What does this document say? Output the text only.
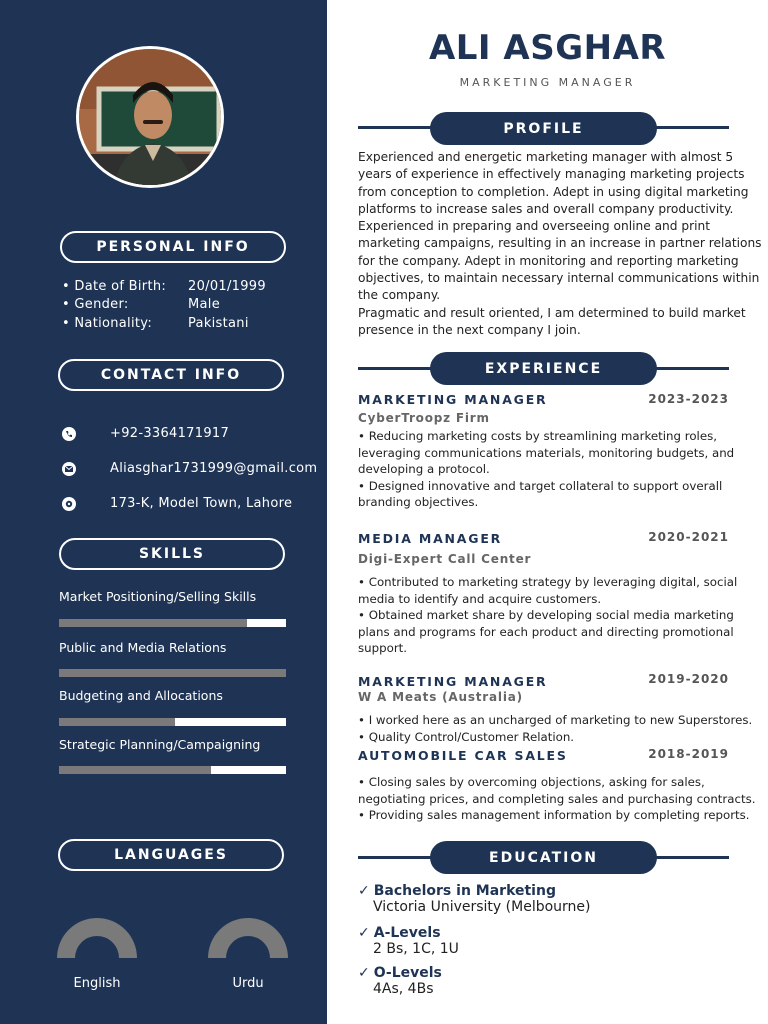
PERSONAL INFO
• Date of Birth: 20/01/1999
• Gender:	Male
• Nationality:	Pakistani
CONTACT INFO
+92-3364171917
Aliasghar1731999@gmail.com
173-K, Model Town, Lahore
SKILLS
Market Positioning/Selling Skills
Public and Media Relations
Budgeting and Allocations
Strategic Planning/Campaigning
LANGUAGES
English	Urdu
ALI ASGHAR
MARKETING MANAGER
PROFILE
Experienced and energetic marketing manager with almost 5 years of experience in effectively managing marketing projects from conception to completion. Adept in using digital marketing platforms to increase sales and overall company productivity. Experienced in preparing and overseeing online and print marketing campaigns, resulting in an increase in partner relations for the company. Adept in monitoring and reporting marketing objectives, to maintain necessary internal communications within the company.
Pragmatic and result oriented, I am determined to build market presence in the next company I join.
EXPERIENCE
MARKETING MANAGER	2023-2023
CyberTroopz Firm
• Reducing marketing costs by streamlining marketing roles, leveraging communications materials, monitoring budgets, and developing a protocol.
• Designed innovative and target collateral to support overall branding objectives.
MEDIA MANAGER	2020-2021
Digi-Expert Call Center
• Contributed to marketing strategy by leveraging digital, social media to identify and acquire customers.
• Obtained market share by developing social media marketing plans and programs for each product and directing promotional support.
MARKETING MANAGER	2019-2020
W A Meats (Australia)
• I worked here as an uncharged of marketing to new Superstores.
• Quality Control/Customer Relation.
AUTOMOBILE CAR SALES	2018-2019
• Closing sales by overcoming objections, asking for sales, negotiating prices, and completing sales and purchasing contracts.
• Providing sales management information by completing reports.
EDUCATION
✓ Bachelors in Marketing
Victoria University (Melbourne)
✓ A-Levels
2 Bs, 1C, 1U
✓ O-Levels
4As, 4Bs
